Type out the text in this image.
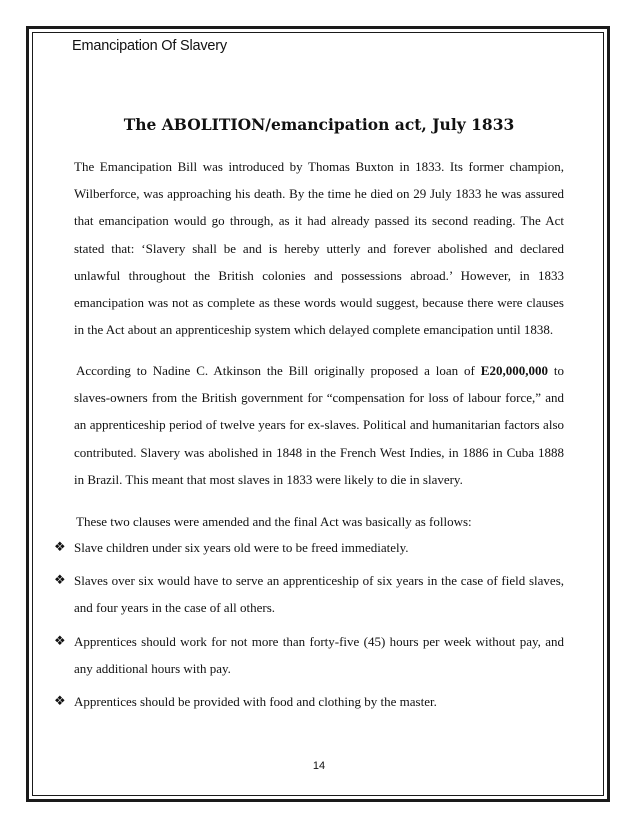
Emancipation Of Slavery
The ABOLITION/emancipation act, July 1833
The Emancipation Bill was introduced by Thomas Buxton in 1833. Its former champion, Wilberforce, was approaching his death. By the time he died on 29 July 1833 he was assured that emancipation would go through, as it had already passed its second reading. The Act stated that: ‘Slavery shall be and is hereby utterly and forever abolished and declared unlawful throughout the British colonies and possessions abroad.’ However, in 1833 emancipation was not as complete as these words would suggest, because there were clauses in the Act about an apprenticeship system which delayed complete emancipation until 1838.
According to Nadine C. Atkinson the Bill originally proposed a loan of E20,000,000 to slaves-owners from the British government for “compensation for loss of labour force,” and an apprenticeship period of twelve years for ex-slaves. Political and humanitarian factors also contributed. Slavery was abolished in 1848 in the French West Indies, in 1886 in Cuba 1888 in Brazil. This meant that most slaves in 1833 were likely to die in slavery.
These two clauses were amended and the final Act was basically as follows:
❖ Slave children under six years old were to be freed immediately.
❖ Slaves over six would have to serve an apprenticeship of six years in the case of field slaves, and four years in the case of all others.
❖ Apprentices should work for not more than forty-five (45) hours per week without pay, and any additional hours with pay.
❖ Apprentices should be provided with food and clothing by the master.
14
